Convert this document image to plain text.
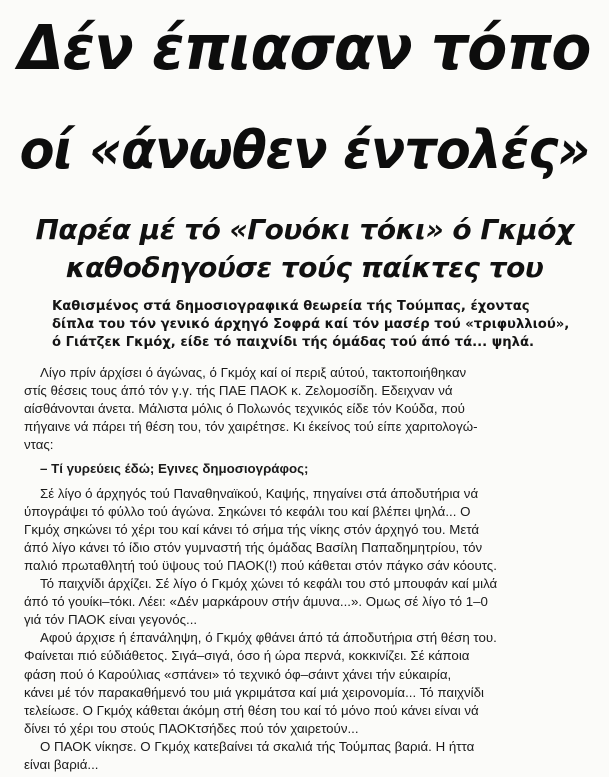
Δέν έπιασαν τόπο
οί «άνωθεν έντολές»
Παρέα μέ τό «Γουόκι τόκι» ό Γκμόχ
καθοδηγούσε τούς παίκτες του
Καθισμένος στά δημοσιογραφικά θεωρεία τής Τούμπας, έχοντας
δίπλα του τόν γενικό άρχηγό Σοφρά καί τόν μασέρ τού «τριφυλλιού»,
ό Γιάτζεκ Γκμόχ, είδε τό παιχνίδι τής όμάδας τού άπό τά... ψηλά.
Λίγο πρίν άρχίσει ό άγώνας, ό Γκμόχ καί οί περιξ αύτού, τακτοποιήθηκαν
στίς θέσεις τους άπό τόν γ.γ. τής ΠΑΕ ΠΑΟΚ κ. Ζελομοσίδη. Εδειχναν νά
αίσθάνονται άνετα. Μάλιστα μόλις ό Πολωνός τεχνικός είδε τόν Κούδα, πού
πήγαινε νά πάρει τή θέση του, τόν χαιρέτησε. Κι έκείνος τού είπε χαριτολογώ-
ντας:
– Τί γυρεύεις έδώ; Εγινες δημοσιογράφος;
Σέ λίγο ό άρχηγός τού Παναθηναϊκού, Καψής, πηγαίνει στά άποδυτήρια νά
ύπογράψει τό φύλλο τού άγώνα. Σηκώνει τό κεφάλι του καί βλέπει ψηλά... Ο
Γκμόχ σηκώνει τό χέρι του καί κάνει τό σήμα τής νίκης στόν άρχηγό του. Μετά
άπό λίγο κάνει τό ίδιο στόν γυμναστή τής όμάδας Βασίλη Παπαδημητρίου, τόν
παλιό πρωταθλητή τού ϋψους τού ΠΑΟΚ(!) πού κάθεται στόν πάγκο σάν κόουτς.
Τό παιχνίδι άρχίζει. Σέ λίγο ό Γκμόχ χώνει τό κεφάλι του στό μπουφάν καί μιλά
άπό τό γουίκι–τόκι. Λέει: «Δέν μαρκάρουν στήν άμυνα...». Ομως σέ λίγο τό 1–0
γιά τόν ΠΑΟΚ είναι γεγονός...
Αφού άρχισε ή έπανάληψη, ό Γκμόχ φθάνει άπό τά άποδυτήρια στή θέση του.
Φαίνεται πιό εύδιάθετος. Σιγά–σιγά, όσο ή ώρα περνά, κοκκινίζει. Σέ κάποια
φάση πού ό Καρούλιας «σπάνει» τό τεχνικό όφ–σάιντ χάνει τήν εύκαιρία,
κάνει μέ τόν παρακαθήμενό του μιά γκριμάτσα καί μιά χειρονομία... Τό παιχνίδι
τελείωσε. Ο Γκμόχ κάθεται άκόμη στή θέση του καί τό μόνο πού κάνει είναι νά
δίνει τό χέρι του στούς ΠΑΟΚτσήδες πού τόν χαιρετούν...
Ο ΠΑΟΚ νίκησε. Ο Γκμόχ κατεβαίνει τά σκαλιά τής Τούμπας βαριά. Η ήττα
είναι βαριά...
